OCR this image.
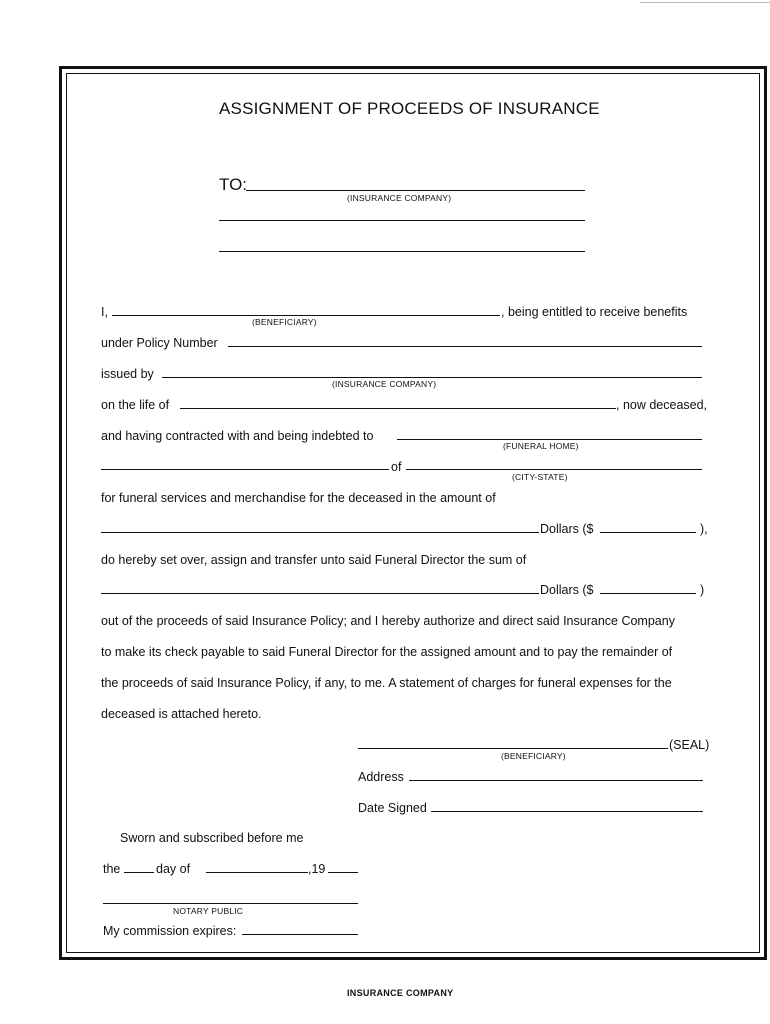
ASSIGNMENT OF PROCEEDS OF INSURANCE
TO:
(INSURANCE COMPANY)
I,
(BENEFICIARY)
, being entitled to receive benefits
under Policy Number
issued by
(INSURANCE COMPANY)
on the life of	, now deceased,
and having contracted with and being indebted to
(FUNERAL HOME)
of
(CITY-STATE)
for funeral services and merchandise for the deceased in the amount of
Dollars ($	),
do hereby set over, assign and transfer unto said Funeral Director the sum of
Dollars ($	)
out of the proceeds of said Insurance Policy; and I hereby authorize and direct said Insurance Company
to make its check payable to said Funeral Director for the assigned amount and to pay the remainder of
the proceeds of said Insurance Policy, if any, to me. A statement of charges for funeral expenses for the
deceased is attached hereto.
(SEAL)
(BENEFICIARY)
Address
Date Signed
Sworn and subscribed before me
the	day of	,19
NOTARY PUBLIC
My commission expires:
INSURANCE COMPANY
